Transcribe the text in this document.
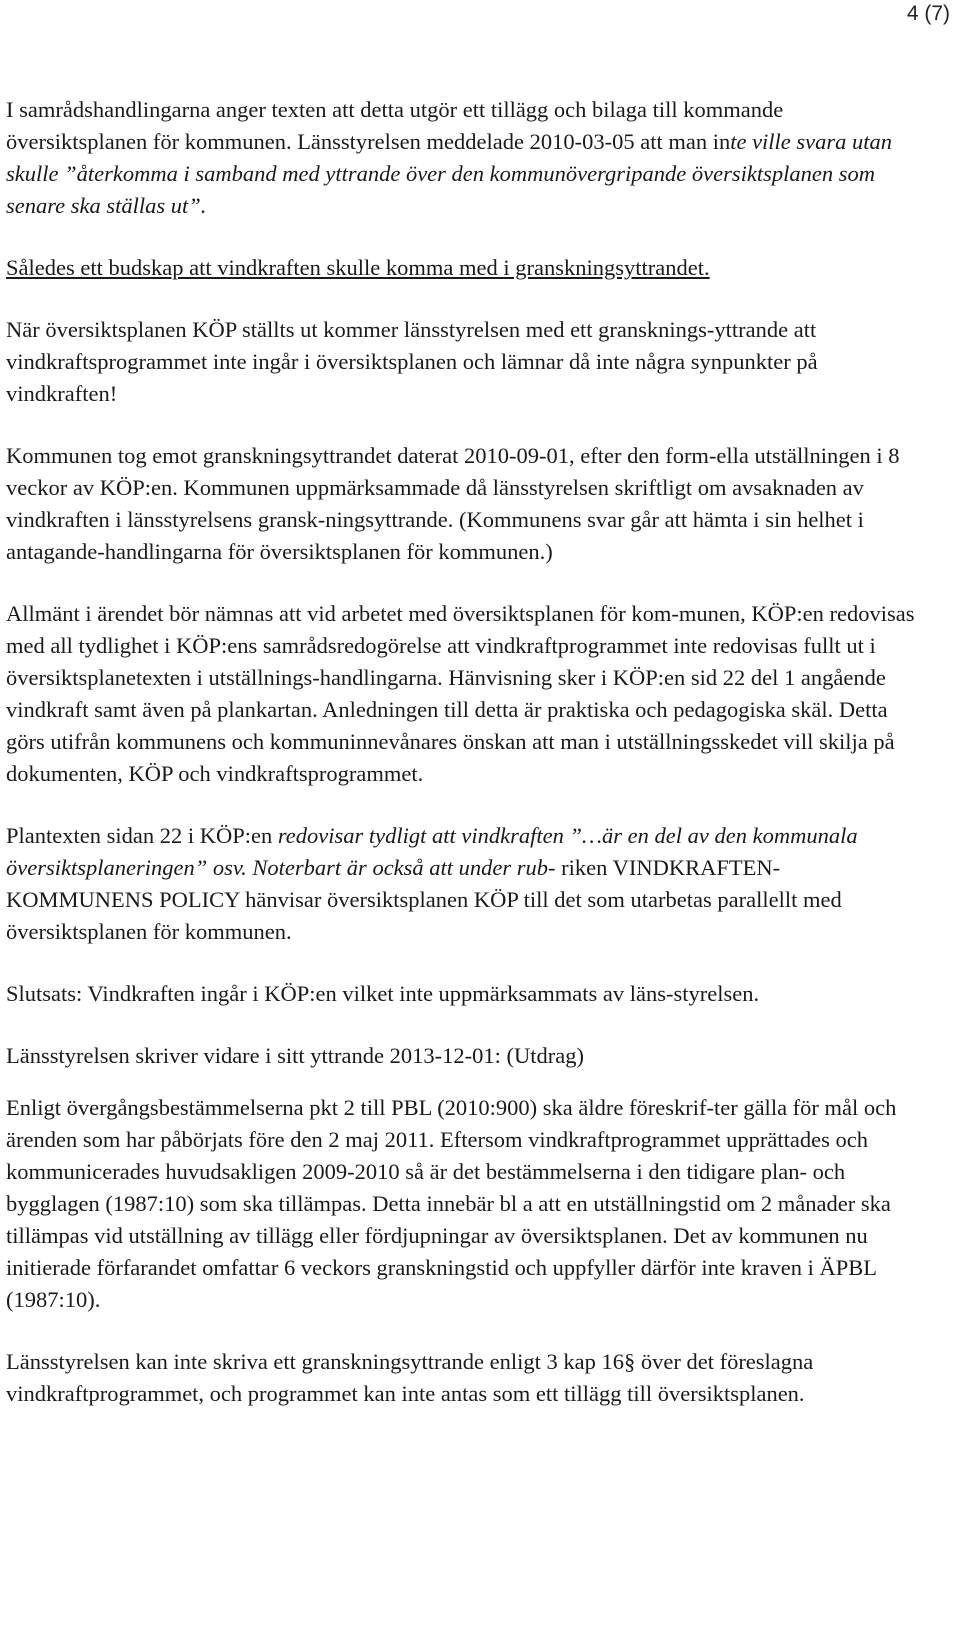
4 (7)

I samrådshandlingarna anger texten att detta utgör ett tillägg och bilaga till kommande översiktsplanen för kommunen. Länsstyrelsen meddelade 2010-03-05 att man inte ville svara utan skulle ”återkomma i samband med yttrande över den kommunövergripande översiktsplanen som senare ska ställas ut”.

Således ett budskap att vindkraften skulle komma med i granskningsyttrandet.

När översiktsplanen KÖP ställts ut kommer länsstyrelsen med ett gransknings-yttrande att vindkraftsprogrammet inte ingår i översiktsplanen och lämnar då inte några synpunkter på vindkraften!

Kommunen tog emot granskningsyttrandet daterat 2010-09-01, efter den form-ella utställningen i 8 veckor av KÖP:en. Kommunen uppmärksammade då länsstyrelsen skriftligt om avsaknaden av vindkraften i länsstyrelsens gransk-ningsyttrande. (Kommunens svar går att hämta i sin helhet i antagande-handlingarna för översiktsplanen för kommunen.)

Allmänt i ärendet bör nämnas att vid arbetet med översiktsplanen för kom-munen, KÖP:en redovisas med all tydlighet i KÖP:ens samrådsredogörelse att vindkraftprogrammet inte redovisas fullt ut i översiktsplanetexten i utställnings-handlingarna. Hänvisning sker i KÖP:en sid 22 del 1 angående vindkraft samt även på plankartan. Anledningen till detta är praktiska och pedagogiska skäl. Detta görs utifrån kommunens och kommuninnevånares önskan att man i utställningsskedet vill skilja på dokumenten, KÖP och vindkraftsprogrammet.

Plantexten sidan 22 i KÖP:en redovisar tydligt att vindkraften ”…är en del av den kommunala översiktsplaneringen” osv. Noterbart är också att under rub- riken VINDKRAFTEN-KOMMUNENS POLICY hänvisar översiktsplanen KÖP till det som utarbetas parallellt med översiktsplanen för kommunen.

Slutsats: Vindkraften ingår i KÖP:en vilket inte uppmärksammats av läns-styrelsen.

Länsstyrelsen skriver vidare i sitt yttrande 2013-12-01: (Utdrag)

Enligt övergångsbestämmelserna pkt 2 till PBL (2010:900) ska äldre föreskrif-ter gälla för mål och ärenden som har påbörjats före den 2 maj 2011. Eftersom vindkraftprogrammet upprättades och kommunicerades huvudsakligen 2009-2010 så är det bestämmelserna i den tidigare plan- och bygglagen (1987:10) som ska tillämpas. Detta innebär bl a att en utställningstid om 2 månader ska tillämpas vid utställning av tillägg eller fördjupningar av översiktsplanen. Det av kommunen nu initierade förfarandet omfattar 6 veckors granskningstid och uppfyller därför inte kraven i ÄPBL (1987:10).

Länsstyrelsen kan inte skriva ett granskningsyttrande enligt 3 kap 16§ över det föreslagna vindkraftprogrammet, och programmet kan inte antas som ett tillägg till översiktsplanen.
